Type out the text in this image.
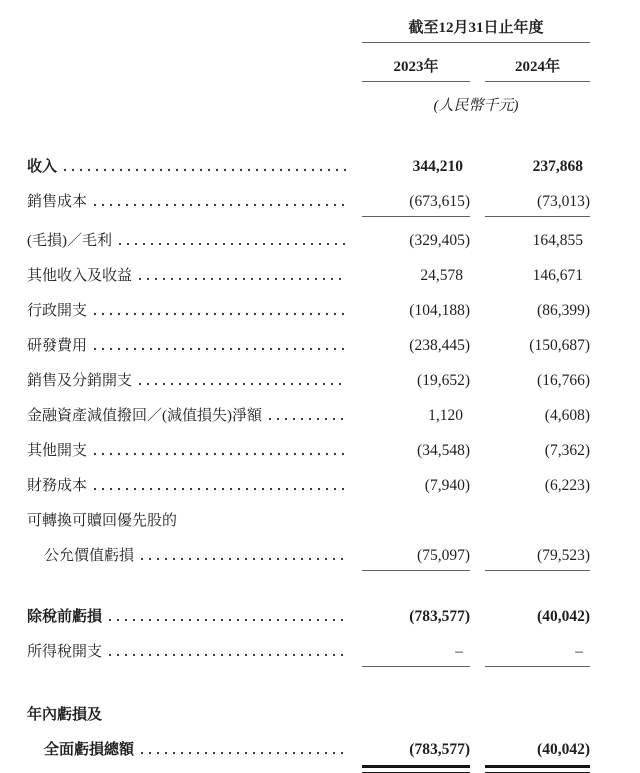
截至12月31日止年度
2023年	2024年
(人民幣千元)
收入	344,210	237,868
銷售成本	(673,615)	(73,013)
(毛損)／毛利	(329,405)	164,855
其他收入及收益	24,578	146,671
行政開支	(104,188)	(86,399)
研發費用	(238,445)	(150,687)
銷售及分銷開支	(19,652)	(16,766)
金融資產減值撥回／(減值損失)淨額	1,120	(4,608)
其他開支	(34,548)	(7,362)
財務成本	(7,940)	(6,223)
可轉換可贖回優先股的
公允價值虧損	(75,097)	(79,523)
除稅前虧損	(783,577)	(40,042)
所得稅開支	–	–
年內虧損及
全面虧損總額	(783,577)	(40,042)
